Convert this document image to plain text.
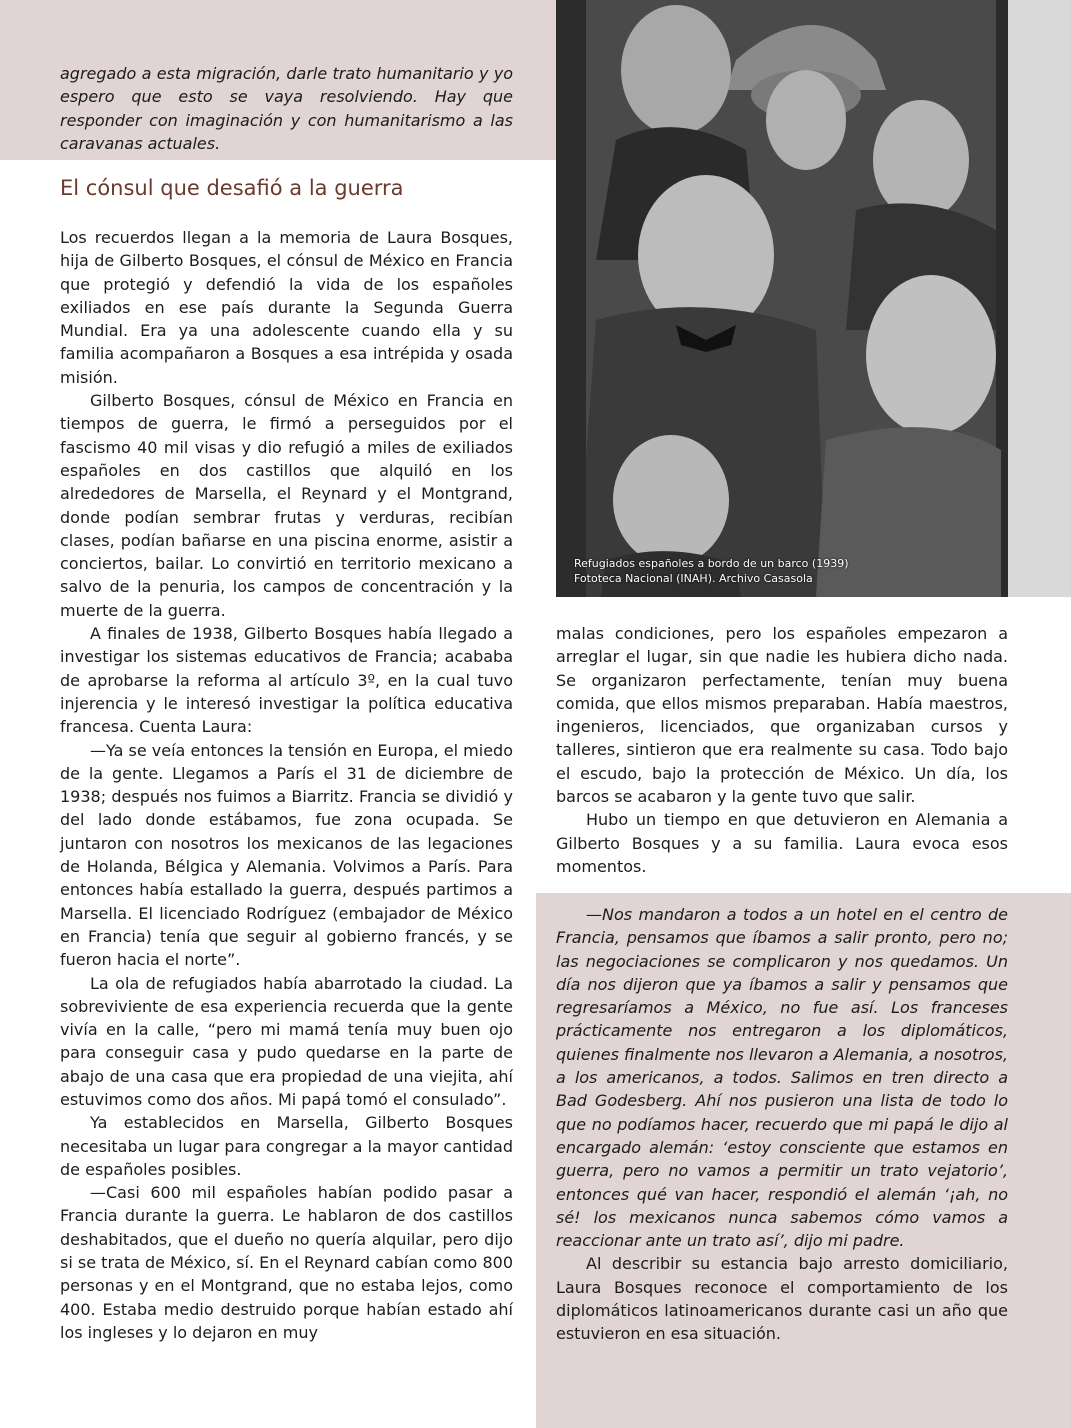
agregado a esta migración, darle trato humanitario y yo espero que esto se vaya resolviendo. Hay que responder con imaginación y con humanitarismo a las caravanas actuales.

El cónsul que desafió a la guerra

Los recuerdos llegan a la memoria de Laura Bosques, hija de Gilberto Bosques, el cónsul de México en Francia que protegió y defendió la vida de los españoles exiliados en ese país durante la Segunda Guerra Mundial. Era ya una adolescente cuando ella y su familia acompañaron a Bosques a esa intrépida y osada misión.

Gilberto Bosques, cónsul de México en Francia en tiempos de guerra, le firmó a perseguidos por el fascismo 40 mil visas y dio refugió a miles de exiliados españoles en dos castillos que alquiló en los alrededores de Marsella, el Reynard y el Montgrand, donde podían sembrar frutas y verduras, recibían clases, podían bañarse en una piscina enorme, asistir a conciertos, bailar. Lo convirtió en territorio mexicano a salvo de la penuria, los campos de concentración y la muerte de la guerra.

A finales de 1938, Gilberto Bosques había llegado a investigar los sistemas educativos de Francia; acababa de aprobarse la reforma al artículo 3º, en la cual tuvo injerencia y le interesó investigar la política educativa francesa. Cuenta Laura:

—Ya se veía entonces la tensión en Europa, el miedo de la gente. Llegamos a París el 31 de diciembre de 1938; después nos fuimos a Biarritz. Francia se dividió y del lado donde estábamos, fue zona ocupada. Se juntaron con nosotros los mexicanos de las legaciones de Holanda, Bélgica y Alemania. Volvimos a París. Para entonces había estallado la guerra, después partimos a Marsella. El licenciado Rodríguez (embajador de México en Francia) tenía que seguir al gobierno francés, y se fueron hacia el norte”.

La ola de refugiados había abarrotado la ciudad. La sobreviviente de esa experiencia recuerda que la gente vivía en la calle, “pero mi mamá tenía muy buen ojo para conseguir casa y pudo quedarse en la parte de abajo de una casa que era propiedad de una viejita, ahí estuvimos como dos años. Mi papá tomó el consulado”.

Ya establecidos en Marsella, Gilberto Bosques necesitaba un lugar para congregar a la mayor cantidad de españoles posibles.

—Casi 600 mil españoles habían podido pasar a Francia durante la guerra. Le hablaron de dos castillos deshabitados, que el dueño no quería alquilar, pero dijo si se trata de México, sí. En el Reynard cabían como 800 personas y en el Montgrand, que no estaba lejos, como 400. Estaba medio destruido porque habían estado ahí los ingleses y lo dejaron en muy

malas condiciones, pero los españoles empezaron a arreglar el lugar, sin que nadie les hubiera dicho nada. Se organizaron perfectamente, tenían muy buena comida, que ellos mismos preparaban. Había maestros, ingenieros, licenciados, que organizaban cursos y talleres, sintieron que era realmente su casa. Todo bajo el escudo, bajo la protección de México. Un día, los barcos se acabaron y la gente tuvo que salir.

Hubo un tiempo en que detuvieron en Alemania a Gilberto Bosques y a su familia. Laura evoca esos momentos.

—Nos mandaron a todos a un hotel en el centro de Francia, pensamos que íbamos a salir pronto, pero no; las negociaciones se complicaron y nos quedamos. Un día nos dijeron que ya íbamos a salir y pensamos que regresaríamos a México, no fue así. Los franceses prácticamente nos entregaron a los diplomáticos, quienes finalmente nos llevaron a Alemania, a nosotros, a los americanos, a todos. Salimos en tren directo a Bad Godesberg. Ahí nos pusieron una lista de todo lo que no podíamos hacer, recuerdo que mi papá le dijo al encargado alemán: ‘estoy consciente que estamos en guerra, pero no vamos a permitir un trato vejatorio’, entonces qué van hacer, respondió el alemán ‘¡ah, no sé! los mexicanos nunca sabemos cómo vamos a reaccionar ante un trato así’, dijo mi padre.

Al describir su estancia bajo arresto domiciliario, Laura Bosques reconoce el comportamiento de los diplomáticos latinoamericanos durante casi un año que estuvieron en esa situación.

Refugiados españoles a bordo de un barco (1939)
Fototeca Nacional (INAH). Archivo Casasola
